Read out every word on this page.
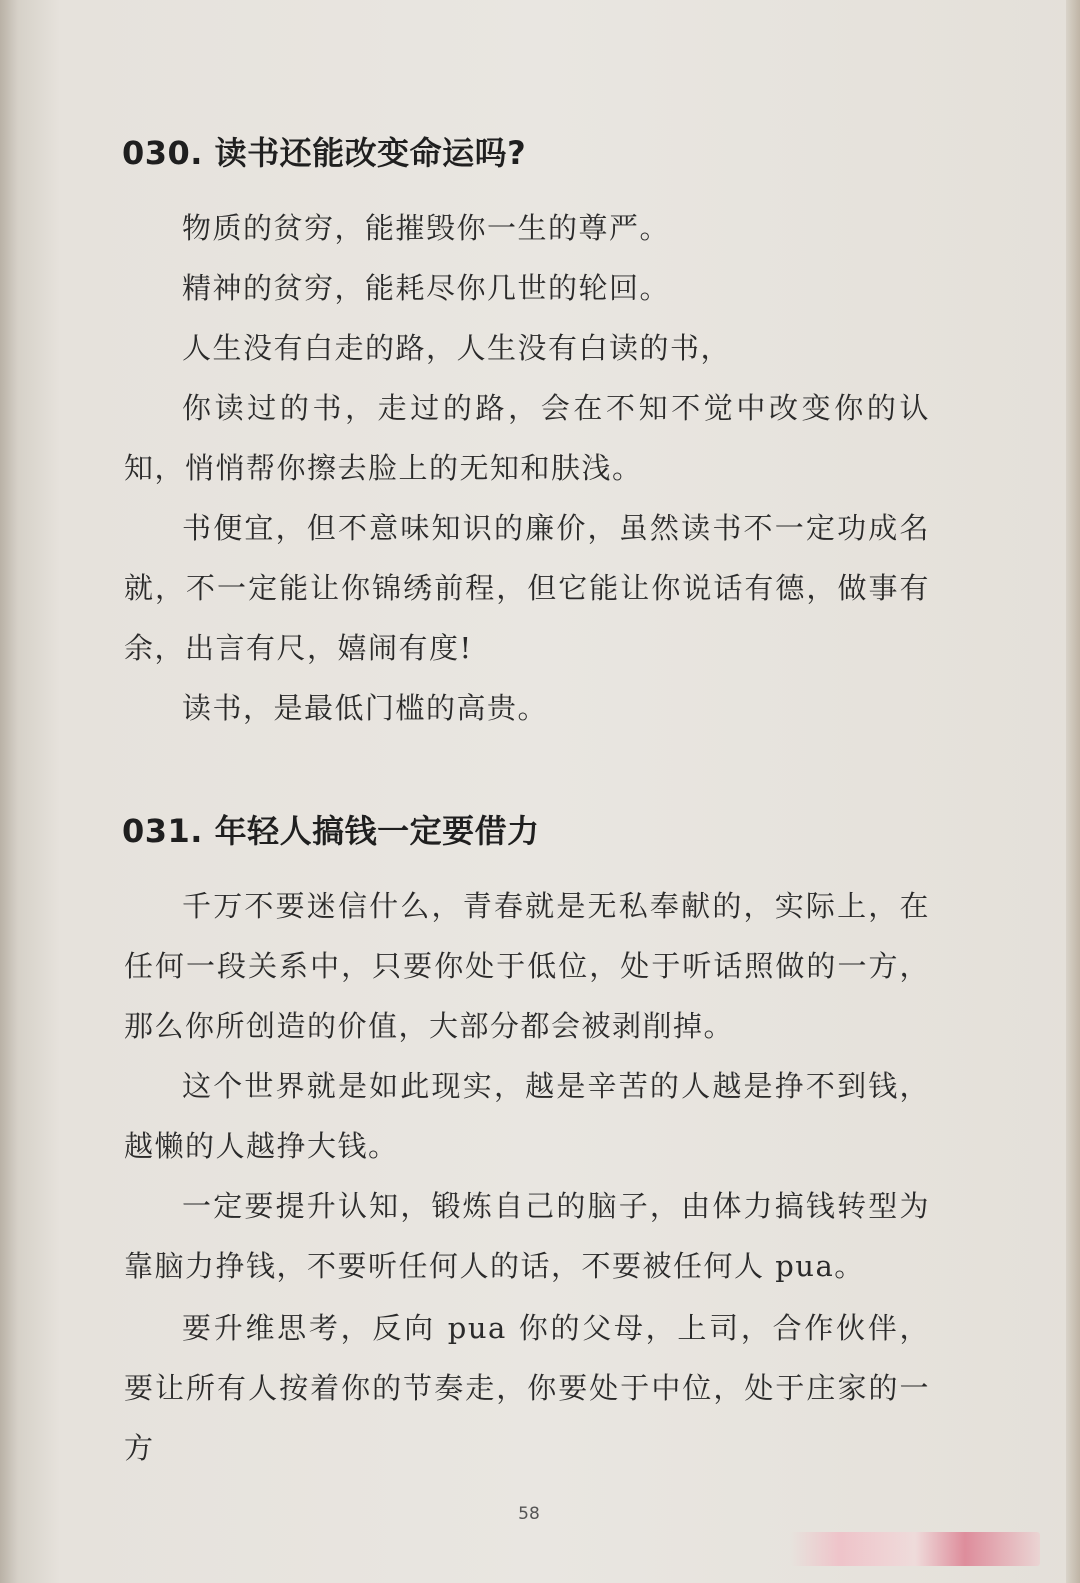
030. 读书还能改变命运吗?

物质的贫穷，能摧毁你一生的尊严。

精神的贫穷，能耗尽你几世的轮回。

人生没有白走的路，人生没有白读的书，

你读过的书，走过的路，会在不知不觉中改变你的认知，悄悄帮你擦去脸上的无知和肤浅。

书便宜，但不意味知识的廉价，虽然读书不一定功成名就，不一定能让你锦绣前程，但它能让你说话有德，做事有余，出言有尺，嬉闹有度!

读书，是最低门槛的高贵。

031. 年轻人搞钱一定要借力

千万不要迷信什么，青春就是无私奉献的，实际上，在任何一段关系中，只要你处于低位，处于听话照做的一方，那么你所创造的价值，大部分都会被剥削掉。

这个世界就是如此现实，越是辛苦的人越是挣不到钱，越懒的人越挣大钱。

一定要提升认知，锻炼自己的脑子，由体力搞钱转型为靠脑力挣钱，不要听任何人的话，不要被任何人 pua。

要升维思考，反向 pua 你的父母，上司，合作伙伴，要让所有人按着你的节奏走，你要处于中位，处于庄家的一方

58
